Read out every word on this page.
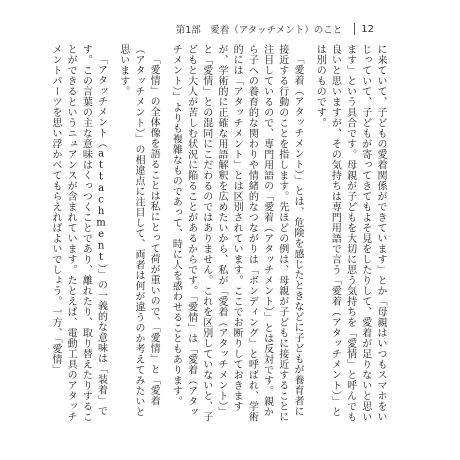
第1部　愛着（アタッチメント）のこと 12

に来ていて、子どもの愛着関係ができています」とか「母親はいつもスマホをいじっていて、子どもが寄ってきてもよそ見をしたりして、愛着が足りないと思います」という具合です。母親が子どもを大切に思う気持ちを「愛情」と呼んでも良いと思いますが、その気持ちは専門用語で言う「愛着（アタッチメント）」とは別のものです。

「愛着（アタッチメント）」とは、危険を感じたときなどに子どもが養育者に接近する行動のことを指します。先ほどの例は、母親が子どもに接近することに注目しているので、専門用語の「愛着（アタッチメント）」とは反対です。親から子への養育的な関わりや情緒的なつながりは「ボンディング」と呼ばれ、学術的には「アタッチメント」とは区別されています。ここでお断りしておきますが、学術的に正確な用語解釈を広めたいから、私が「愛着（アタッチメント）」と「愛情」との混同にこだわるのではありません。これを区別していないと、子どもと大人が苦しむ状況に陥ることがあるからです。「愛情」は「愛着（アタッチメント）」よりも複雑なものであって、時に人を惑わせることもあります。

「愛情」の全体像を語ることは私にとって荷が重いので、「愛情」と「愛着（アタッチメント）」の相違点に注目して、両者は何が違うのか考えてみたいと思います。

「アタッチメント（attachment）」の一義的な意味は「装着」です。この言葉の主な意味はくっつくことであり、離れたり、取り替えたりすることができるというニュアンスが含まれています。たとえば、電動工具のアタッチメントパーツを思い浮かべてもらえればよいでしょう。一方、「愛情」
